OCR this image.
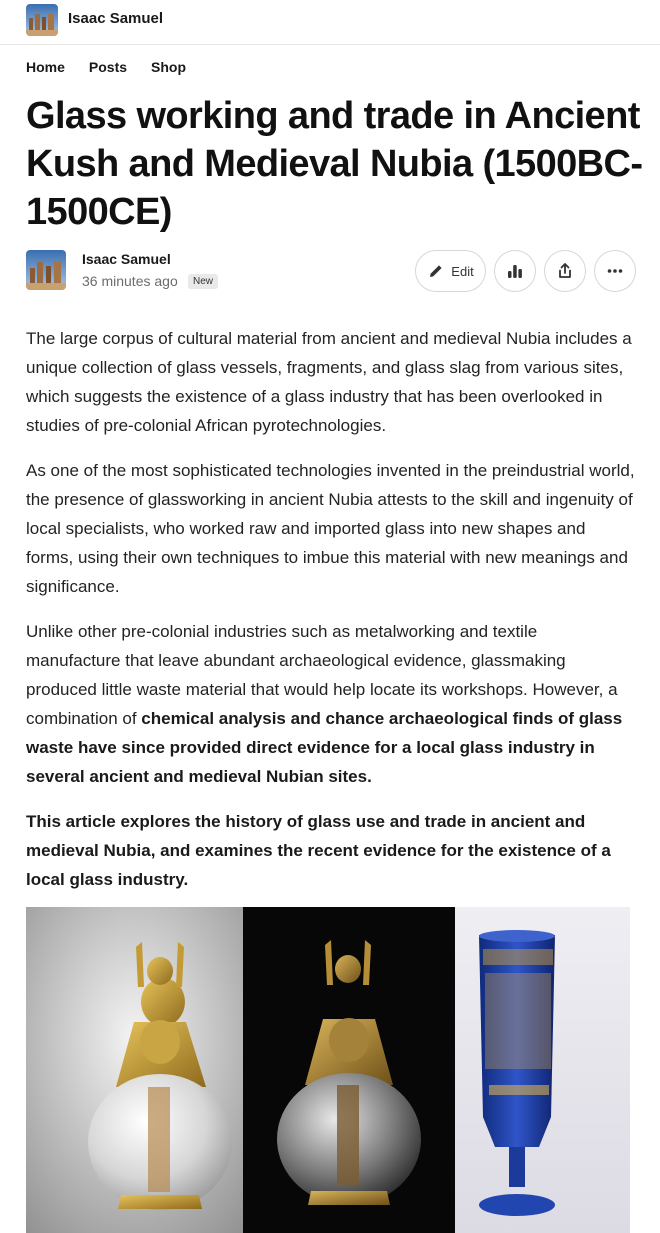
Isaac Samuel
Home Posts Shop
Glass working and trade in Ancient Kush and Medieval Nubia (1500BC-1500CE)
Isaac Samuel
36 minutes ago	New
Edit

The large corpus of cultural material from ancient and medieval Nubia includes a unique collection of glass vessels, fragments, and glass slag from various sites, which suggests the existence of a glass industry that has been overlooked in studies of pre-colonial African pyrotechnologies.

As one of the most sophisticated technologies invented in the preindustrial world, the presence of glassworking in ancient Nubia attests to the skill and ingenuity of local specialists, who worked raw and imported glass into new shapes and forms, using their own techniques to imbue this material with new meanings and significance.

Unlike other pre-colonial industries such as metalworking and textile manufacture that leave abundant archaeological evidence, glassmaking produced little waste material that would help locate its workshops. However, a combination of chemical analysis and chance archaeological finds of glass waste have since provided direct evidence for a local glass industry in several ancient and medieval Nubian sites.

This article explores the history of glass use and trade in ancient and medieval Nubia, and examines the recent evidence for the existence of a local glass industry.
